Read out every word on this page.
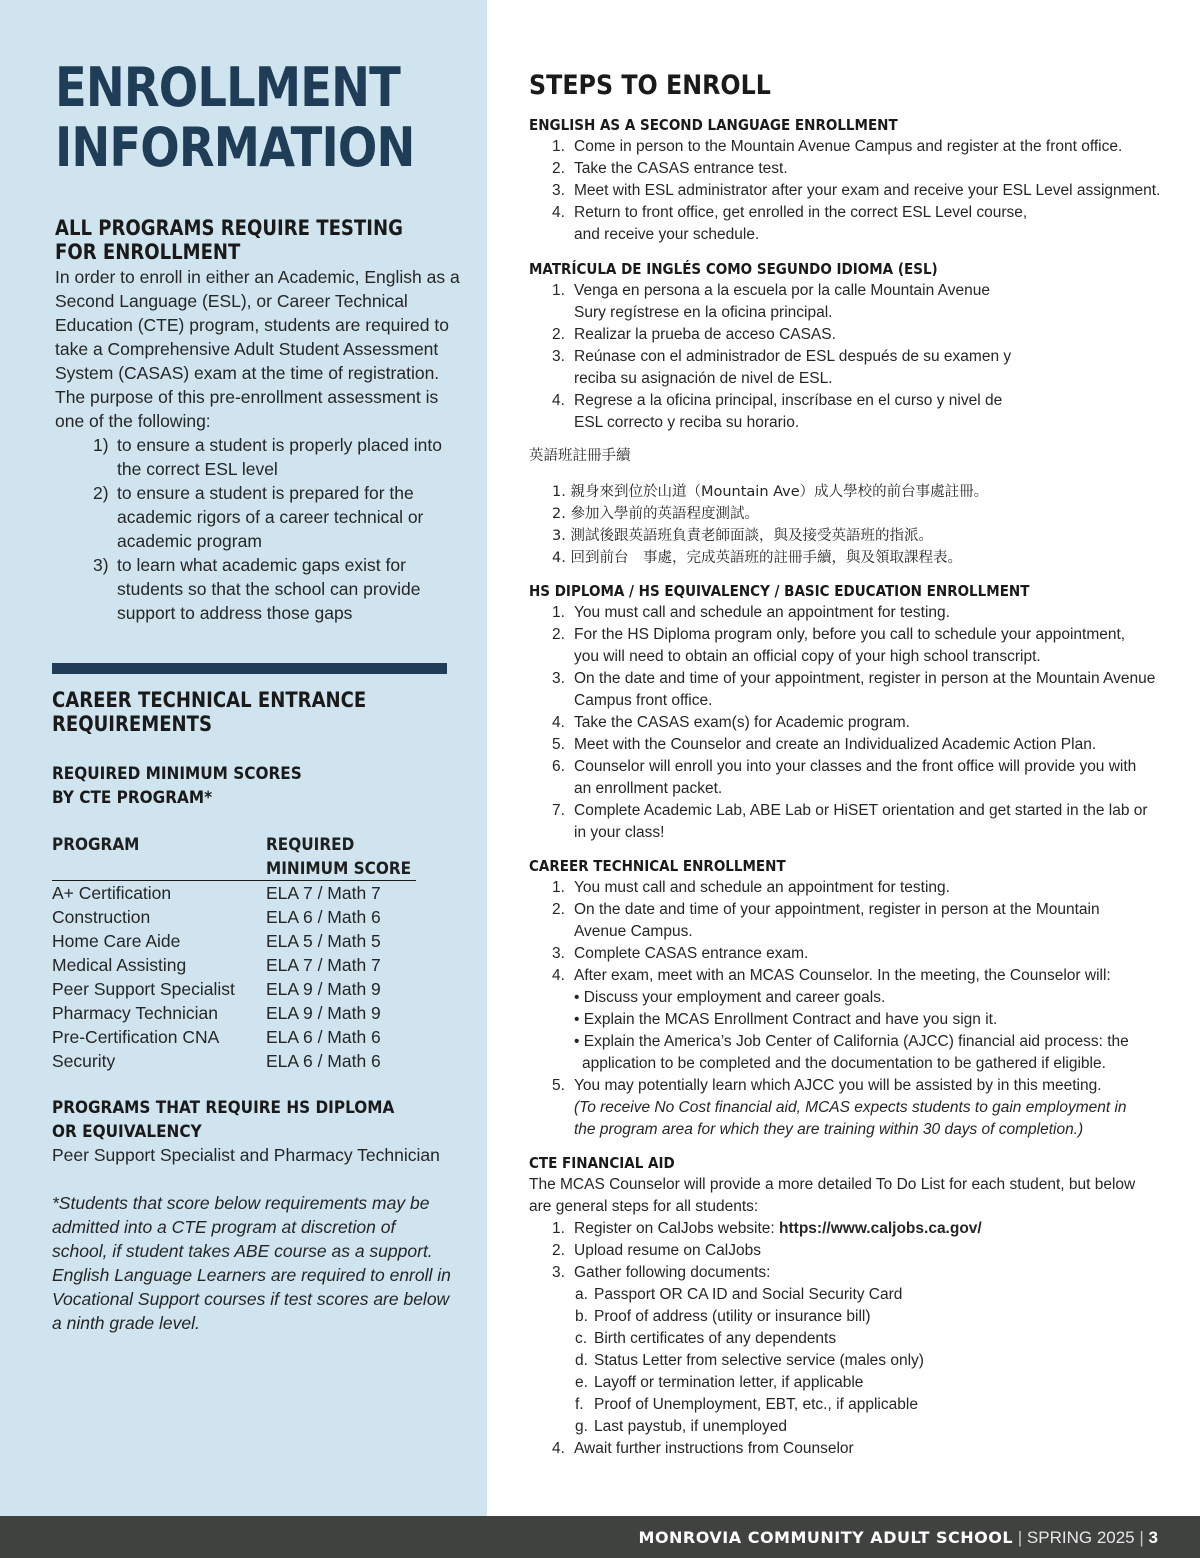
ENROLLMENT
INFORMATION
ALL PROGRAMS REQUIRE TESTING
FOR ENROLLMENT
In order to enroll in either an Academic, English as a Second Language (ESL), or Career Technical Education (CTE) program, students are required to take a Comprehensive Adult Student Assessment System (CASAS) exam at the time of registration. The purpose of this pre-enrollment assessment is one of the following:
1) to ensure a student is properly placed into the correct ESL level
2) to ensure a student is prepared for the academic rigors of a career technical or academic program
3) to learn what academic gaps exist for students so that the school can provide support to address those gaps
CAREER TECHNICAL ENTRANCE
REQUIREMENTS
REQUIRED MINIMUM SCORES
BY CTE PROGRAM*
PROGRAM	REQUIRED
MINIMUM SCORE
A+ Certification	ELA 7 / Math 7
Construction	ELA 6 / Math 6
Home Care Aide	ELA 5 / Math 5
Medical Assisting	ELA 7 / Math 7
Peer Support Specialist ELA 9 / Math 9
Pharmacy Technician	ELA 9 / Math 9
Pre-Certification CNA	ELA 6 / Math 6
Security	ELA 6 / Math 6
PROGRAMS THAT REQUIRE HS DIPLOMA
OR EQUIVALENCY
Peer Support Specialist and Pharmacy Technician
*Students that score below requirements may be admitted into a CTE program at discretion of school, if student takes ABE course as a support. English Language Learners are required to enroll in Vocational Support courses if test scores are below a ninth grade level.
STEPS TO ENROLL
ENGLISH AS A SECOND LANGUAGE ENROLLMENT
1. Come in person to the Mountain Avenue Campus and register at the front office.
2. Take the CASAS entrance test.
3. Meet with ESL administrator after your exam and receive your ESL Level assignment.
4. Return to front office, get enrolled in the correct ESL Level course,
and receive your schedule.
MATRÍCULA DE INGLÉS COMO SEGUNDO IDIOMA (ESL)
1. Venga en persona a la escuela por la calle Mountain Avenue
Sury regístrese en la oficina principal.
2. Realizar la prueba de acceso CASAS.
3. Reúnase con el administrador de ESL después de su examen y
reciba su asignación de nivel de ESL.
4. Regrese a la oficina principal, inscríbase en el curso y nivel de
ESL correcto y reciba su horario.
英語班註冊手續
1. 親身來到位於山道（Mountain Ave）成人學校的前台事處註冊。
2. 參加入學前的英語程度測試。
3. 測試後跟英語班負責老師面談，與及接受英語班的指派。
4. 回到前台　事處，完成英語班的註冊手續，與及領取課程表。
HS DIPLOMA / HS EQUIVALENCY / BASIC EDUCATION ENROLLMENT
1. You must call and schedule an appointment for testing.
2. For the HS Diploma program only, before you call to schedule your appointment,
you will need to obtain an official copy of your high school transcript.
3. On the date and time of your appointment, register in person at the Mountain Avenue
Campus front office.
4. Take the CASAS exam(s) for Academic program.
5. Meet with the Counselor and create an Individualized Academic Action Plan.
6. Counselor will enroll you into your classes and the front office will provide you with
an enrollment packet.
7. Complete Academic Lab, ABE Lab or HiSET orientation and get started in the lab or
in your class!
CAREER TECHNICAL ENROLLMENT
1. You must call and schedule an appointment for testing.
2. On the date and time of your appointment, register in person at the Mountain
Avenue Campus.
3. Complete CASAS entrance exam.
4. After exam, meet with an MCAS Counselor. In the meeting, the Counselor will:
• Discuss your employment and career goals.
• Explain the MCAS Enrollment Contract and have you sign it.
• Explain the America’s Job Center of California (AJCC) financial aid process: the
application to be completed and the documentation to be gathered if eligible.
5. You may potentially learn which AJCC you will be assisted by in this meeting.
(To receive No Cost financial aid, MCAS expects students to gain employment in
the program area for which they are training within 30 days of completion.)
CTE FINANCIAL AID
The MCAS Counselor will provide a more detailed To Do List for each student, but below
are general steps for all students:
1. Register on CalJobs website: https://www.caljobs.ca.gov/
2. Upload resume on CalJobs
3. Gather following documents:
a. Passport OR CA ID and Social Security Card
b. Proof of address (utility or insurance bill)
c. Birth certificates of any dependents
d. Status Letter from selective service (males only)
e. Layoff or termination letter, if applicable
f. Proof of Unemployment, EBT, etc., if applicable
g. Last paystub, if unemployed
4. Await further instructions from Counselor
MONROVIA COMMUNITY ADULT SCHOOL | SPRING 2025 | 3
